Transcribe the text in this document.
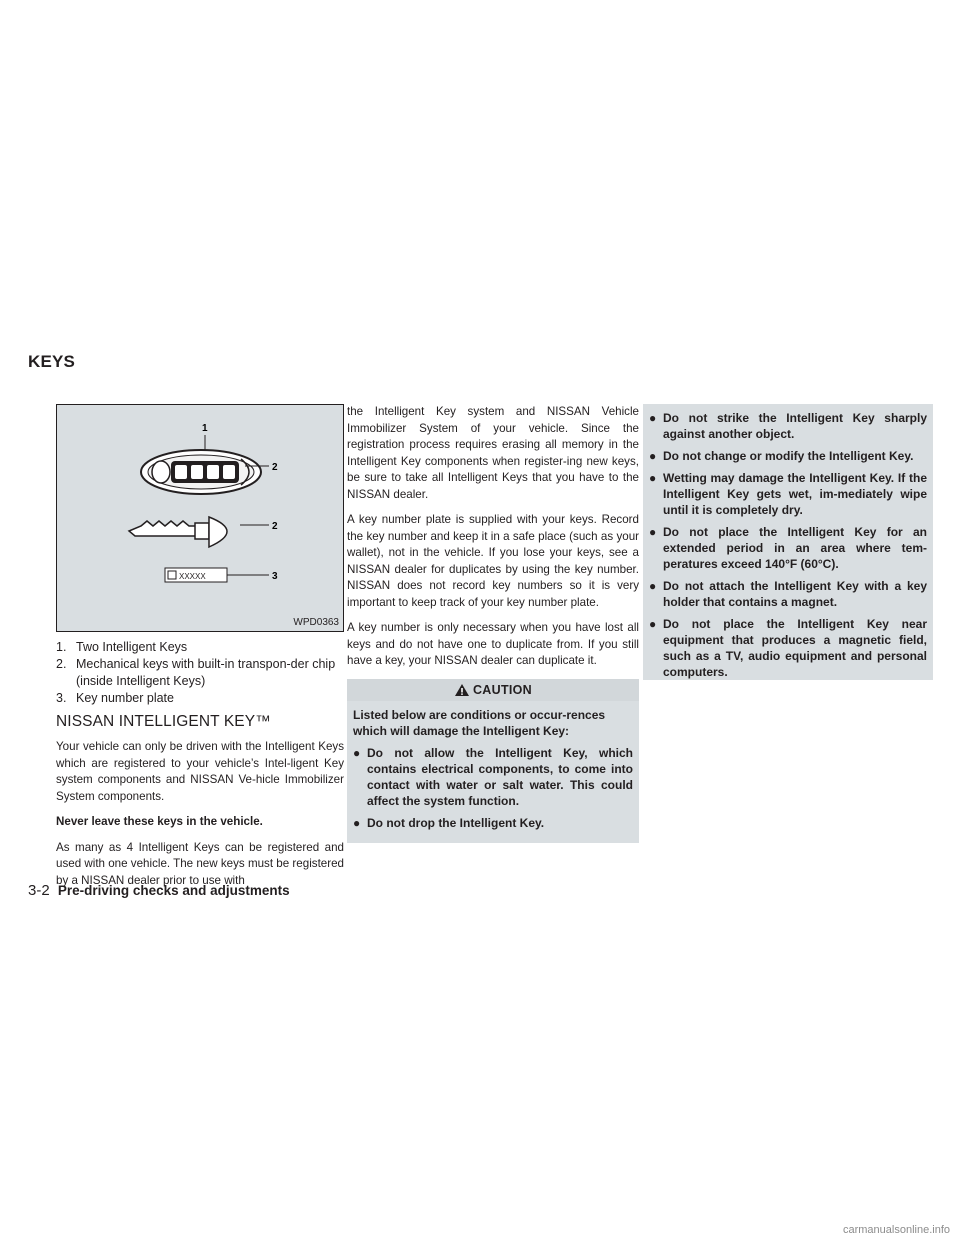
KEYS
XXXXX
1
2
2
3
WPD0363
1. Two Intelligent Keys
2. Mechanical keys with built-in transpon-der chip (inside Intelligent Keys)
3. Key number plate
NISSAN INTELLIGENT KEY™

Your vehicle can only be driven with the Intelligent Keys which are registered to your vehicle’s Intel-ligent Key system components and NISSAN Ve-hicle Immobilizer System components.

Never leave these keys in the vehicle.

As many as 4 Intelligent Keys can be registered and used with one vehicle. The new keys must be registered by a NISSAN dealer prior to use with

the Intelligent Key system and NISSAN Vehicle Immobilizer System of your vehicle. Since the registration process requires erasing all memory in the Intelligent Key components when register-ing new keys, be sure to take all Intelligent Keys that you have to the NISSAN dealer.

A key number plate is supplied with your keys. Record the key number and keep it in a safe place (such as your wallet), not in the vehicle. If you lose your keys, see a NISSAN dealer for duplicates by using the key number. NISSAN does not record key numbers so it is very important to keep track of your key number plate.

A key number is only necessary when you have lost all keys and do not have one to duplicate from. If you still have a key, your NISSAN dealer can duplicate it.

CAUTION
Listed below are conditions or occur-rences which will damage the Intelligent Key:
● Do not allow the Intelligent Key, which contains electrical components, to come into contact with water or salt water. This could affect the system function.
● Do not drop the Intelligent Key.
● Do not strike the Intelligent Key sharply against another object.
● Do not change or modify the Intelligent Key.
● Wetting may damage the Intelligent Key. If the Intelligent Key gets wet, im-mediately wipe until it is completely dry.
● Do not place the Intelligent Key for an extended period in an area where tem-peratures exceed 140°F (60°C).
● Do not attach the Intelligent Key with a key holder that contains a magnet.
● Do not place the Intelligent Key near equipment that produces a magnetic field, such as a TV, audio equipment and personal computers.
3-2 Pre-driving checks and adjustments
carmanualsonline.info
